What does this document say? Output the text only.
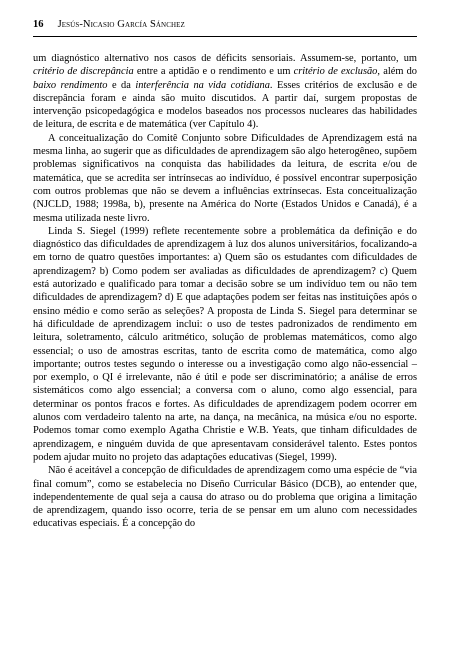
16 Jesús-Nicasio García Sánchez

um diagnóstico alternativo nos casos de déficits sensoriais. Assumem-se, portanto, um critério de discrepância entre a aptidão e o rendimento e um critério de exclusão, além do baixo rendimento e da interferência na vida cotidiana. Esses critérios de exclusão e de discrepância foram e ainda são muito discutidos. A partir daí, surgem propostas de intervenção psicopedagógica e modelos baseados nos processos nucleares das habilidades de leitura, de escrita e de matemática (ver Capítulo 4).

A conceitualização do Comitê Conjunto sobre Dificuldades de Aprendizagem está na mesma linha, ao sugerir que as dificuldades de aprendizagem são algo heterogêneo, supõem problemas significativos na conquista das habilidades da leitura, de escrita e/ou de matemática, que se acredita ser intrínsecas ao indivíduo, é possível encontrar superposição com outros problemas que não se devem a influências extrínsecas. Esta conceitualização (NJCLD, 1988; 1998a, b), presente na América do Norte (Estados Unidos e Canadá), é a mesma utilizada neste livro.

Linda S. Siegel (1999) reflete recentemente sobre a problemática da definição e do diagnóstico das dificuldades de aprendizagem à luz dos alunos universitários, focalizando-a em torno de quatro questões importantes: a) Quem são os estudantes com dificuldades de aprendizagem? b) Como podem ser avaliadas as dificuldades de aprendizagem? c) Quem está autorizado e qualificado para tomar a decisão sobre se um indivíduo tem ou não tem dificuldades de aprendizagem? d) E que adaptações podem ser feitas nas instituições após o ensino médio e como serão as seleções? A proposta de Linda S. Siegel para determinar se há dificuldade de aprendizagem inclui: o uso de testes padronizados de rendimento em leitura, soletramento, cálculo aritmético, solução de problemas matemáticos, como algo essencial; o uso de amostras escritas, tanto de escrita como de matemática, como algo importante; outros testes segundo o interesse ou a investigação como algo não-essencial – por exemplo, o QI é irrelevante, não é útil e pode ser discriminatório; a análise de erros sistemáticos como algo essencial; a conversa com o aluno, como algo essencial, para determinar os pontos fracos e fortes. As dificuldades de aprendizagem podem ocorrer em alunos com verdadeiro talento na arte, na dança, na mecânica, na música e/ou no esporte. Podemos tomar como exemplo Agatha Christie e W.B. Yeats, que tinham dificuldades de aprendizagem, e ninguém duvida de que apresentavam considerável talento. Estes pontos podem ajudar muito no projeto das adaptações educativas (Siegel, 1999).

Não é aceitável a concepção de dificuldades de aprendizagem como uma espécie de “via final comum”, como se estabelecia no Diseño Curricular Básico (DCB), ao entender que, independentemente de qual seja a causa do atraso ou do problema que origina a limitação de aprendizagem, quando isso ocorre, teria de se pensar em um aluno com necessidades educativas especiais. É a concepção do
